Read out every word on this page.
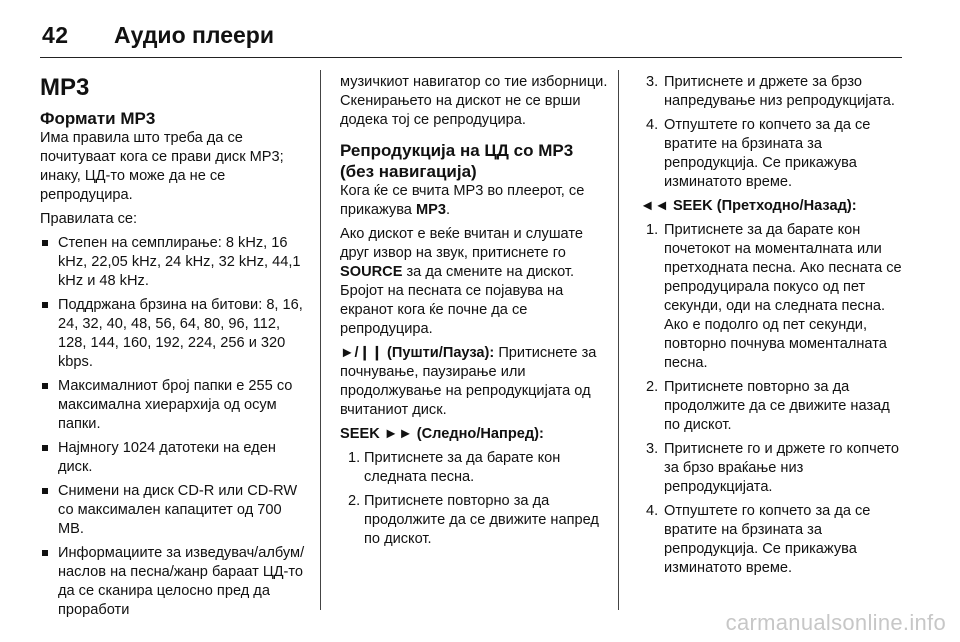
42 Аудио плеери
MP3
Формати MP3

Има правила што треба да се почитуваат кога се прави диск MP3; инаку, ЦД-то може да не се репродуцира.

Правилата се:

Степен на семплирање: 8 kHz, 16 kHz, 22,05 kHz, 24 kHz, 32 kHz, 44,1 kHz и 48 kHz.
Поддржана брзина на битови: 8, 16, 24, 32, 40, 48, 56, 64, 80, 96, 112, 128, 144, 160, 192, 224, 256 и 320 kbps.
Максималниот број папки е 255 со максимална хиерархија од осум папки.
Најмногу 1024 датотеки на еден диск.
Снимени на диск CD-R или CD-RW со максимален капацитет од 700 MB.
Информациите за изведувач/албум/наслов на песна/жанр бараат ЦД-то да се сканира целосно пред да проработи

музичкиот навигатор со тие изборници. Скенирањето на дискот не се врши додека тој се репродуцира.

Репродукција на ЦД со MP3 (без навигација)

Кога ќе се вчита MP3 во плеерот, се прикажува MP3.

Ако дискот е веќе вчитан и слушате друг извор на звук, притиснете го SOURCE за да смените на дискот. Бројот на песната се појавува на екранот кога ќе почне да се репродуцира.

►/❙❙ (Пушти/Пауза): Притиснете за почнување, паузирање или продолжување на репродукцијата од вчитаниот диск.

SEEK ►► (Следно/Напред):
1. Притиснете за да барате кон следната песна.
2. Притиснете повторно за да продолжите да се движите напред по дискот.
3. Притиснете и држете за брзо напредување низ репродукцијата.
4. Отпуштете го копчето за да се вратите на брзината за репродукција. Се прикажува изминатото време.
◄◄ SEEK (Претходно/Назад):
1. Притиснете за да барате кон почетокот на моменталната или претходната песна. Ако песната се репродуцирала покусо од пет секунди, оди на следната песна. Ако е подолго од пет секунди, повторно почнува моменталната песна.
2. Притиснете повторно за да продолжите да се движите назад по дискот.
3. Притиснете го и држете го копчето за брзо враќање низ репродукцијата.
4. Отпуштете го копчето за да се вратите на брзината за репродукција. Се прикажува изминатото време.
carmanualsonline.info
